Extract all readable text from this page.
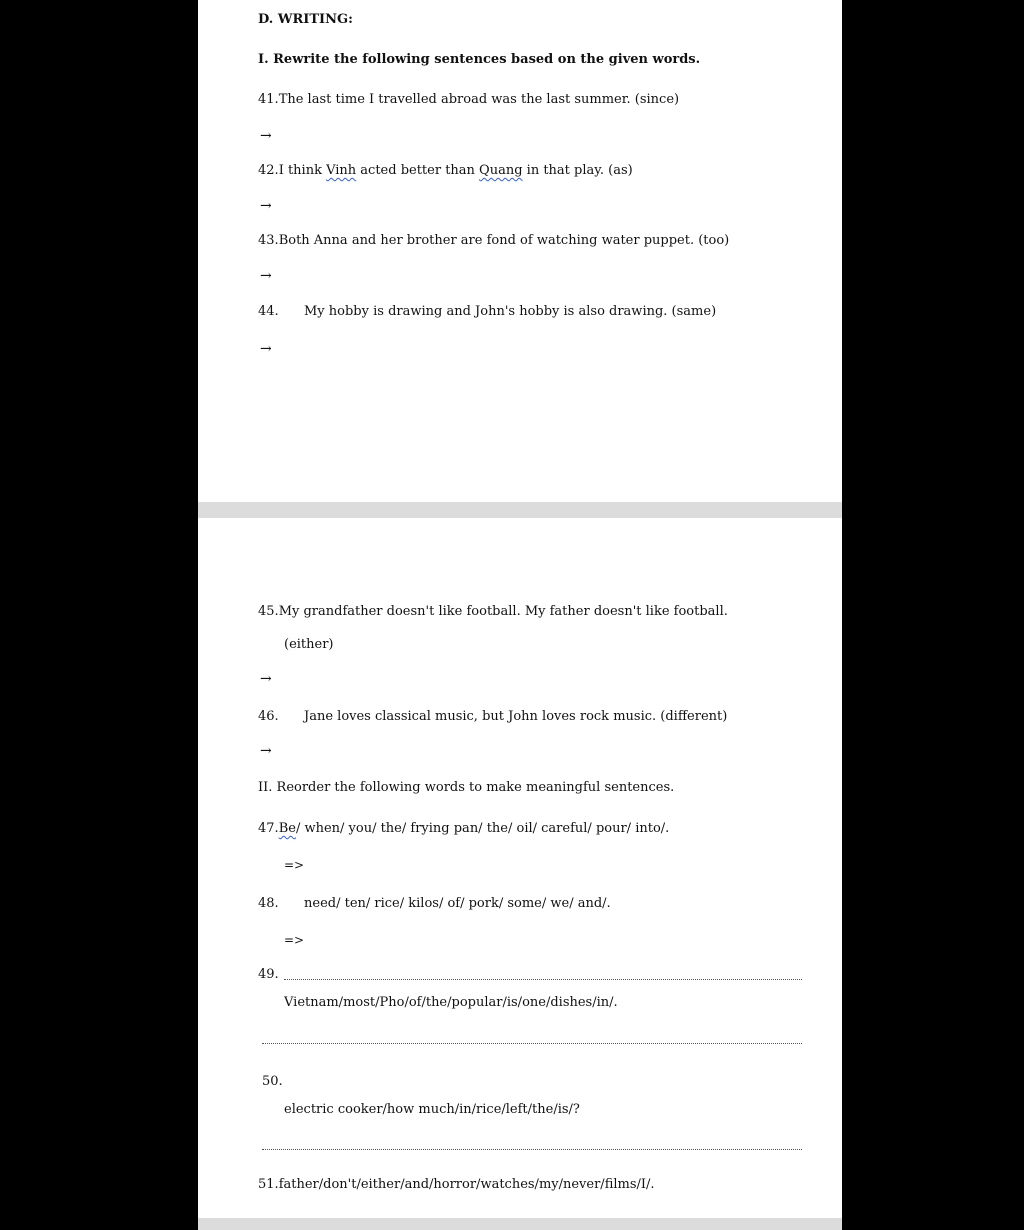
D. WRITING:
I. Rewrite the following sentences based on the given words.
41.The last time I travelled abroad was the last summer. (since)
→
42.I think Vinh acted better than Quang in that play. (as)
→
43.Both Anna and her brother are fond of watching water puppet. (too)
→
44. My hobby is drawing and John's hobby is also drawing. (same)
→
45.My grandfather doesn't like football. My father doesn't like football.
(either)
→
46. Jane loves classical music, but John loves rock music. (different)
→
II. Reorder the following words to make meaningful sentences.
47.Be/ when/ you/ the/ frying pan/ the/ oil/ careful/ pour/ into/.
=>
48. need/ ten/ rice/ kilos/ of/ pork/ some/ we/ and/.
=>
49.
Vietnam/most/Pho/of/the/popular/is/one/dishes/in/.
50.
electric cooker/how much/in/rice/left/the/is/?
51.father/don't/either/and/horror/watches/my/never/films/I/.
